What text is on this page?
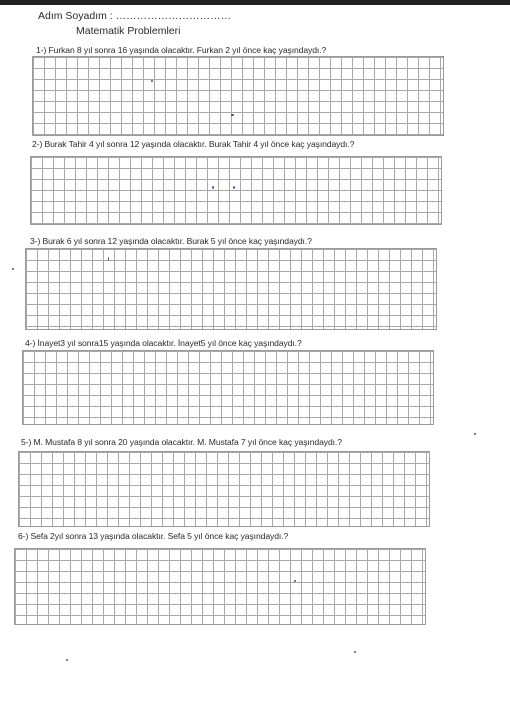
Adım Soyadım : ……………………………
Matematik Problemleri
1-) Furkan 8 yıl sonra 16 yaşında olacaktır. Furkan 2 yıl önce kaç yaşındaydı.?
2-) Burak Tahir 4 yıl sonra 12 yaşında olacaktır. Burak Tahir 4 yıl önce kaç yaşındaydı.?
3-) Burak 6 yıl sonra 12 yaşında olacaktır. Burak 5 yıl önce kaç yaşındaydı.?
4-) İnayet3 yıl sonra15 yaşında olacaktır. İnayet5 yıl önce kaç yaşındaydı.?
5-) M. Mustafa 8 yıl sonra 20 yaşında olacaktır. M. Mustafa 7 yıl önce kaç yaşındaydı.?
6-) Sefa 2yıl sonra 13 yaşında olacaktır. Sefa 5 yıl önce kaç yaşındaydı.?
